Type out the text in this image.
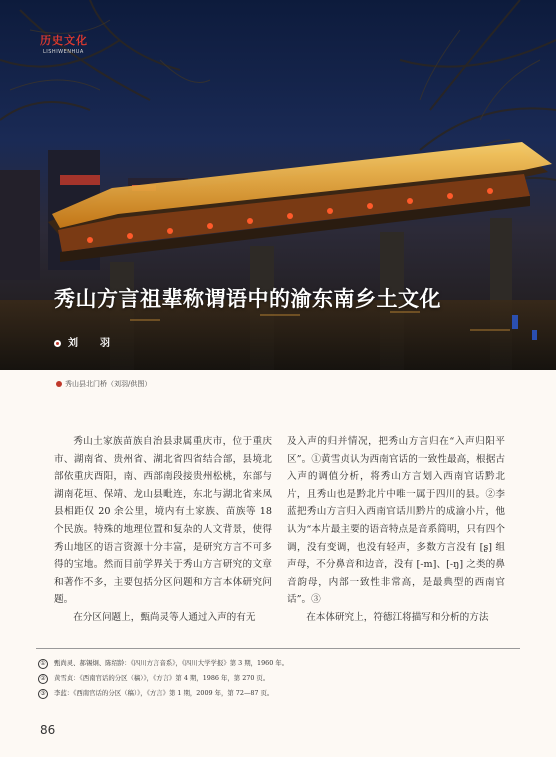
历史文化
LISHIWENHUA
秀山方言祖辈称谓语中的渝东南乡土文化
刘　羽
秀山县北门桥（刘羽/供图）

秀山土家族苗族自治县隶属重庆市，位于重庆市、湖南省、贵州省、湖北省四省结合部，县境北部依重庆酉阳，南、西部南段接贵州松桃，东部与湖南花垣、保靖、龙山县毗连，东北与湖北省来凤县相距仅 20 余公里，境内有土家族、苗族等 18 个民族。特殊的地理位置和复杂的人文背景，使得秀山地区的语言资源十分丰富，是研究方言不可多得的宝地。然而目前学界关于秀山方言研究的文章和著作不多，主要包括分区问题和方言本体研究问题。

在分区问题上，甄尚灵等人通过入声的有无

及入声的归并情况，把秀山方言归在“入声归阳平区”。①黄雪贞认为西南官话的一致性最高，根据古入声的调值分析，将秀山方言划入西南官话黔北片，且秀山也是黔北片中唯一属于四川的县。②李蓝把秀山方言归入西南官话川黔片的成渝小片，他认为“本片最主要的语音特点是音系简明，只有四个调，没有变调，也没有轻声，多数方言没有 [ʂ] 组声母，不分鼻音和边音，没有 [-m]、[-ŋ] 之类的鼻音韵母，内部一致性非常高，是最典型的西南官话”。③

在本体研究上，符德江将描写和分析的方法

① 甄尚灵、郝锡炯、陈绍龄：《四川方言音系》，《四川大学学报》第 3 期，1960 年。
② 黄雪贞：《西南官话的分区（稿）》，《方言》第 4 期，1986 年，第 270 页。
③ 李蓝：《西南官话的分区（稿）》，《方言》第 1 期，2009 年，第 72—87 页。
86
